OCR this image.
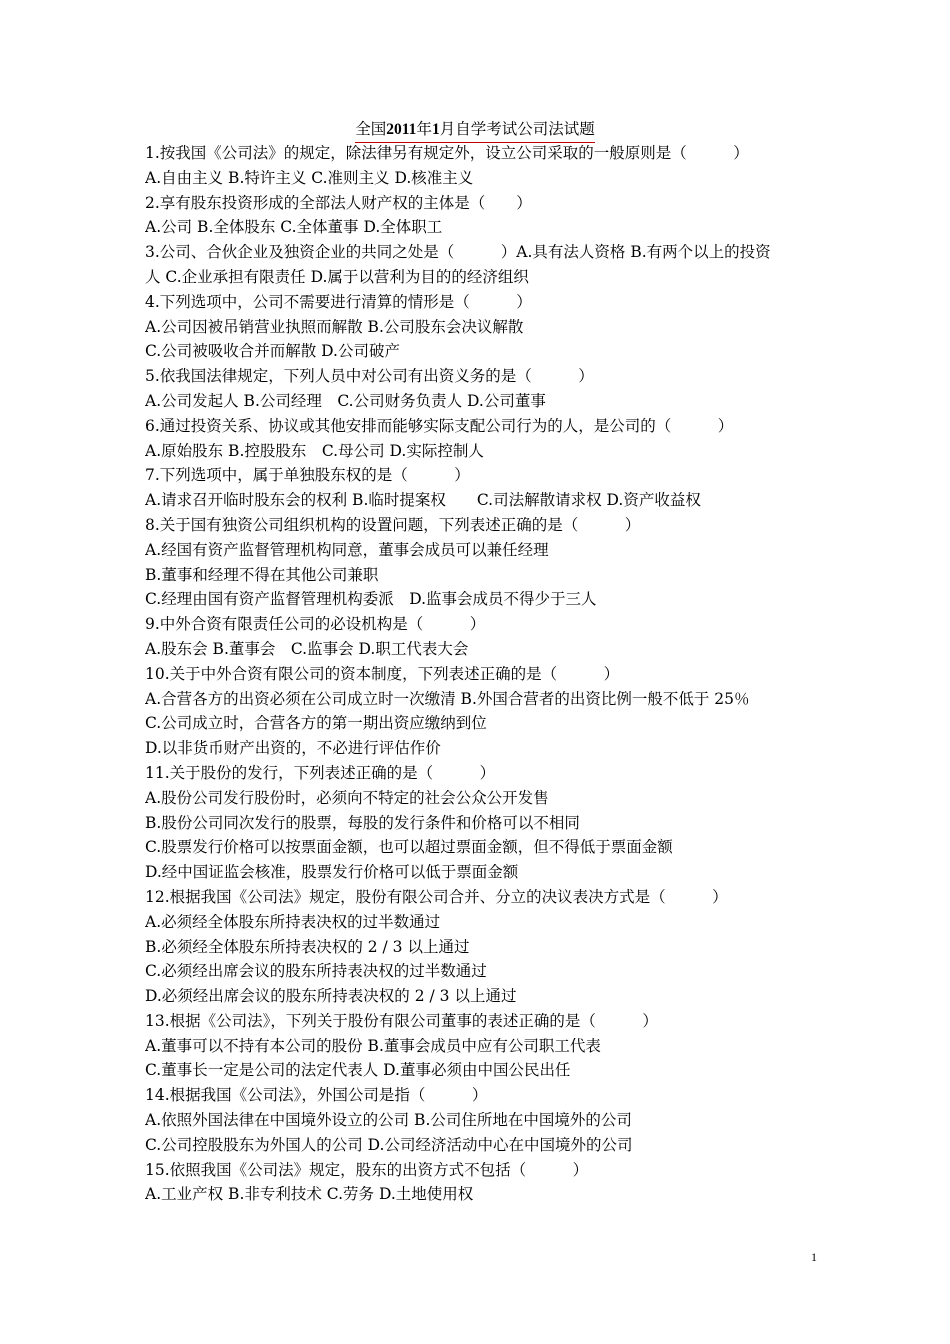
全国2011年1月自学考试公司法试题
1.按我国《公司法》的规定，除法律另有规定外，设立公司采取的一般原则是（　　　）
A.自由主义 B.特许主义 C.准则主义 D.核准主义
2.享有股东投资形成的全部法人财产权的主体是（　　）
A.公司 B.全体股东 C.全体董事 D.全体职工
3.公司、合伙企业及独资企业的共同之处是（　　　）A.具有法人资格 B.有两个以上的投资
人 C.企业承担有限责任 D.属于以营利为目的的经济组织
4.下列选项中，公司不需要进行清算的情形是（　　　）
A.公司因被吊销营业执照而解散 B.公司股东会决议解散
C.公司被吸收合并而解散 D.公司破产
5.依我国法律规定，下列人员中对公司有出资义务的是（　　　）
A.公司发起人 B.公司经理　C.公司财务负责人 D.公司董事
6.通过投资关系、协议或其他安排而能够实际支配公司行为的人，是公司的（　　　）
A.原始股东 B.控股股东　C.母公司 D.实际控制人
7.下列选项中，属于单独股东权的是（　　　）
A.请求召开临时股东会的权利 B.临时提案权　　C.司法解散请求权 D.资产收益权
8.关于国有独资公司组织机构的设置问题，下列表述正确的是（　　　）
A.经国有资产监督管理机构同意，董事会成员可以兼任经理
B.董事和经理不得在其他公司兼职
C.经理由国有资产监督管理机构委派　D.监事会成员不得少于三人
9.中外合资有限责任公司的必设机构是（　　　）
A.股东会 B.董事会　C.监事会 D.职工代表大会
10.关于中外合资有限公司的资本制度，下列表述正确的是（　　　）
A.合营各方的出资必须在公司成立时一次缴清 B.外国合营者的出资比例一般不低于 25％
C.公司成立时，合营各方的第一期出资应缴纳到位
D.以非货币财产出资的，不必进行评估作价
11.关于股份的发行，下列表述正确的是（　　　）
A.股份公司发行股份时，必须向不特定的社会公众公开发售
B.股份公司同次发行的股票，每股的发行条件和价格可以不相同
C.股票发行价格可以按票面金额，也可以超过票面金额，但不得低于票面金额
D.经中国证监会核准，股票发行价格可以低于票面金额
12.根据我国《公司法》规定，股份有限公司合并、分立的决议表决方式是（　　　）
A.必须经全体股东所持表决权的过半数通过
B.必须经全体股东所持表决权的 2 / 3 以上通过
C.必须经出席会议的股东所持表决权的过半数通过
D.必须经出席会议的股东所持表决权的 2 / 3 以上通过
13.根据《公司法》，下列关于股份有限公司董事的表述正确的是（　　　）
A.董事可以不持有本公司的股份 B.董事会成员中应有公司职工代表
C.董事长一定是公司的法定代表人 D.董事必须由中国公民出任
14.根据我国《公司法》，外国公司是指（　　　）
A.依照外国法律在中国境外设立的公司 B.公司住所地在中国境外的公司
C.公司控股股东为外国人的公司 D.公司经济活动中心在中国境外的公司
15.依照我国《公司法》规定，股东的出资方式不包括（　　　）
A.工业产权 B.非专利技术 C.劳务 D.土地使用权
1
